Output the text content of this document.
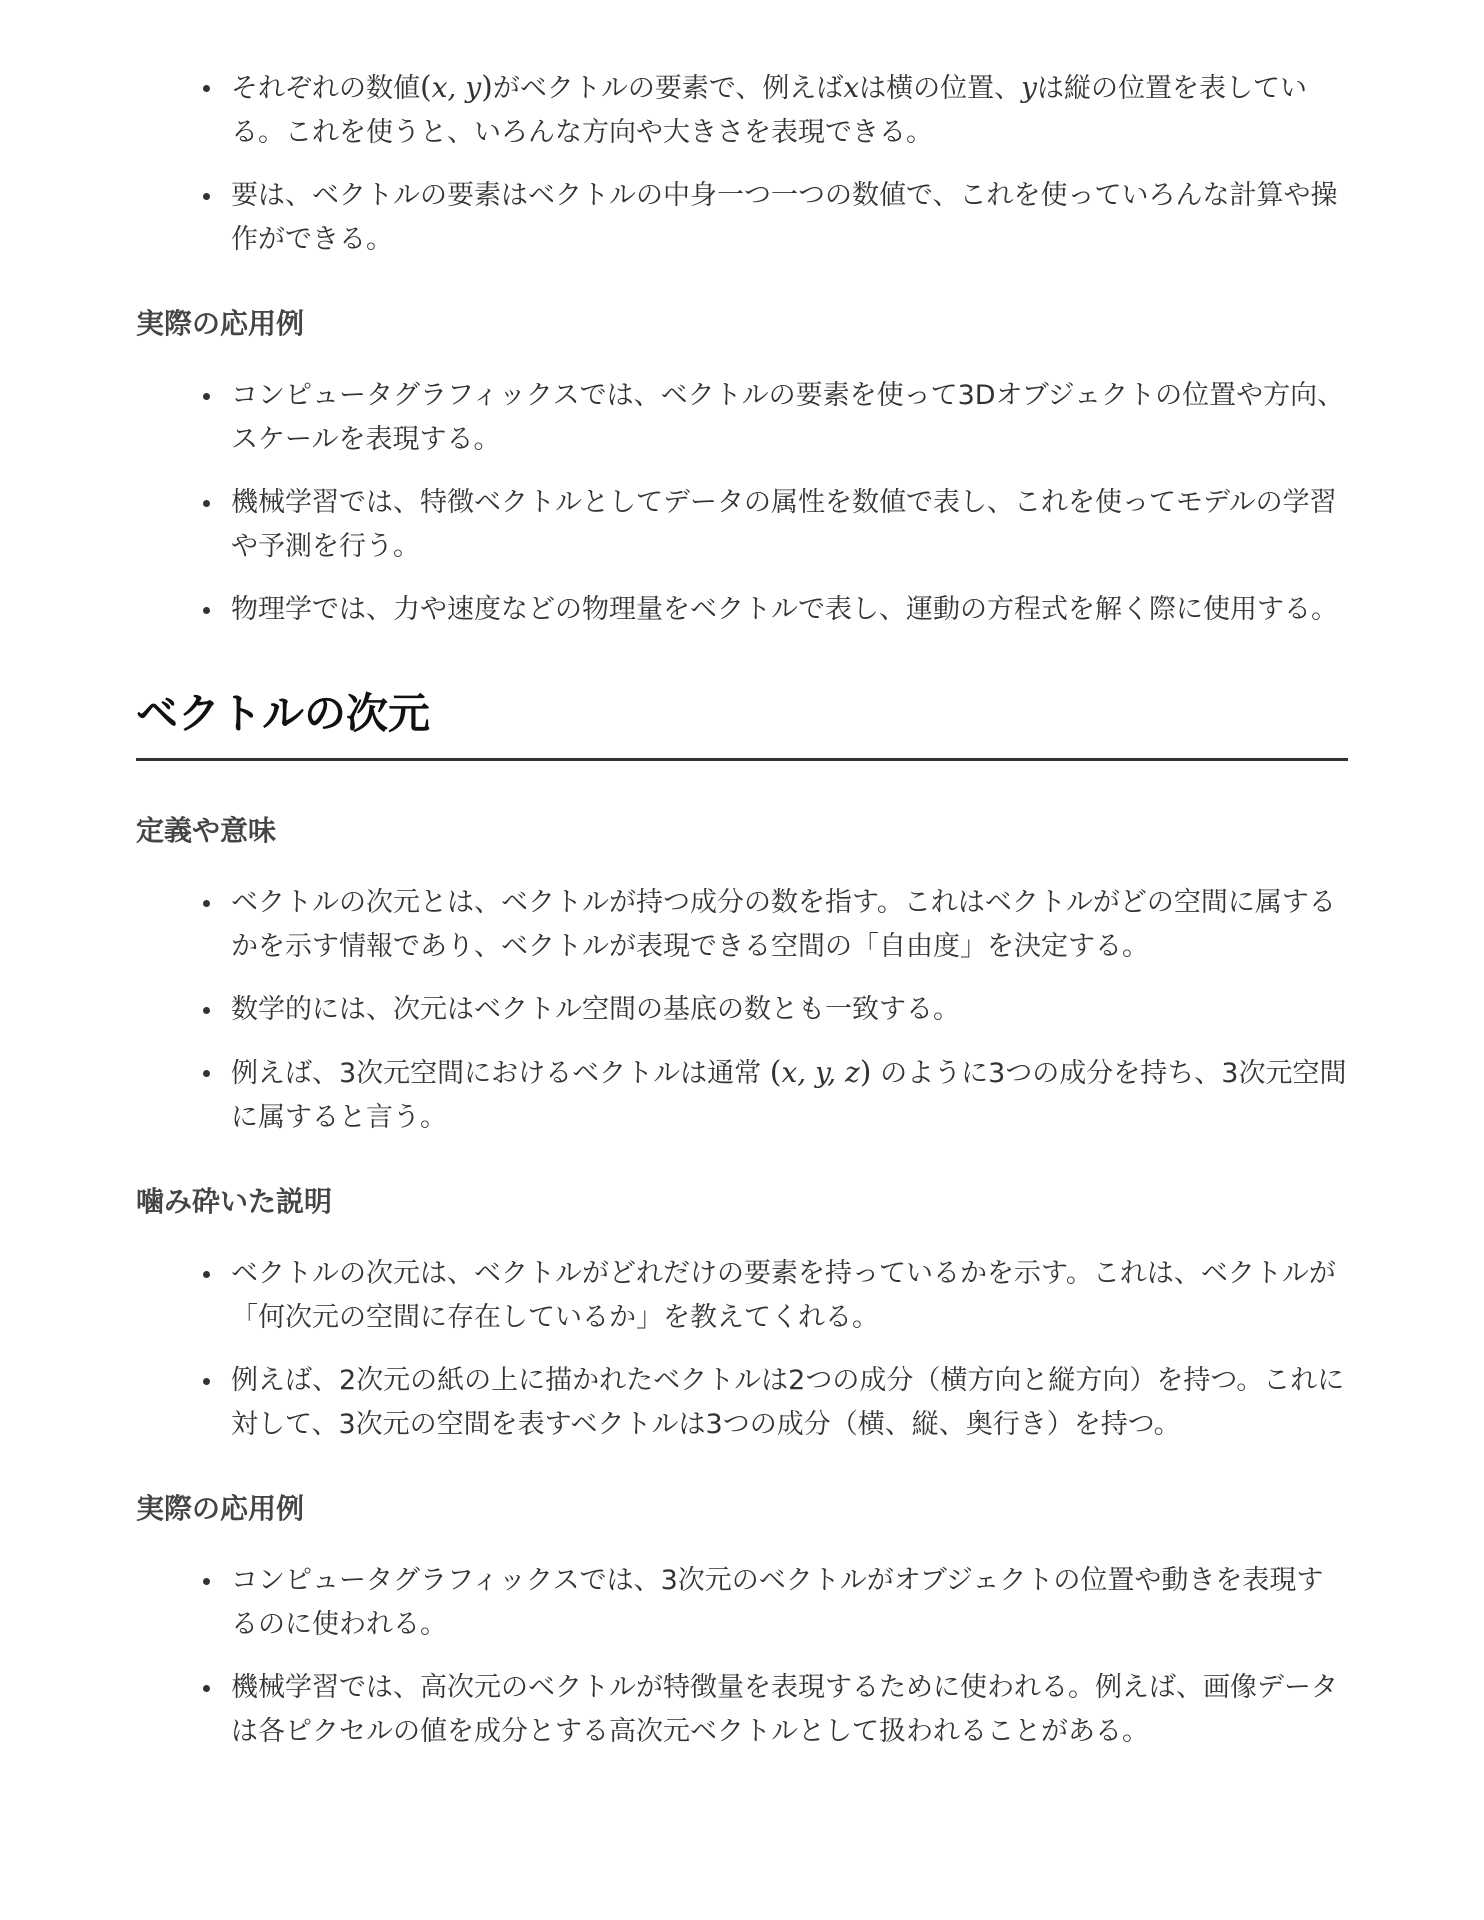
それぞれの数値(x, y)がベクトルの要素で、例えばxは横の位置、yは縦の位置を表している。これを使うと、いろんな方向や大きさを表現できる。
要は、ベクトルの要素はベクトルの中身一つ一つの数値で、これを使っていろんな計算や操作ができる。
実際の応用例
コンピュータグラフィックスでは、ベクトルの要素を使って3Dオブジェクトの位置や方向、スケールを表現する。
機械学習では、特徴ベクトルとしてデータの属性を数値で表し、これを使ってモデルの学習や予測を行う。
物理学では、力や速度などの物理量をベクトルで表し、運動の方程式を解く際に使用する。
ベクトルの次元
定義や意味
ベクトルの次元とは、ベクトルが持つ成分の数を指す。これはベクトルがどの空間に属するかを示す情報であり、ベクトルが表現できる空間の「自由度」を決定する。
数学的には、次元はベクトル空間の基底の数とも一致する。
例えば、3次元空間におけるベクトルは通常 (x, y, z) のように3つの成分を持ち、3次元空間に属すると言う。
噛み砕いた説明
ベクトルの次元は、ベクトルがどれだけの要素を持っているかを示す。これは、ベクトルが「何次元の空間に存在しているか」を教えてくれる。
例えば、2次元の紙の上に描かれたベクトルは2つの成分（横方向と縦方向）を持つ。これに対して、3次元の空間を表すベクトルは3つの成分（横、縦、奥行き）を持つ。
実際の応用例
コンピュータグラフィックスでは、3次元のベクトルがオブジェクトの位置や動きを表現するのに使われる。
機械学習では、高次元のベクトルが特徴量を表現するために使われる。例えば、画像データは各ピクセルの値を成分とする高次元ベクトルとして扱われることがある。
